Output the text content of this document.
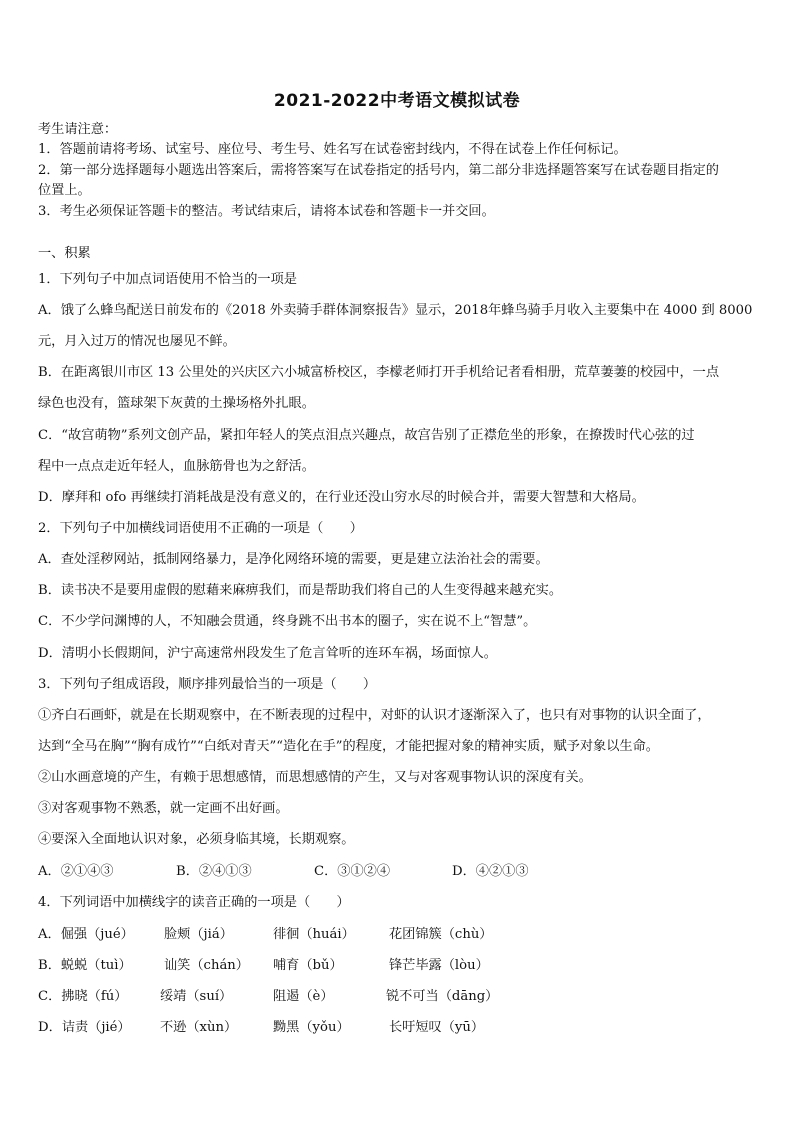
2021-2022中考语文模拟试卷
考生请注意：
1．答题前请将考场、试室号、座位号、考生号、姓名写在试卷密封线内，不得在试卷上作任何标记。
2．第一部分选择题每小题选出答案后，需将答案写在试卷指定的括号内，第二部分非选择题答案写在试卷题目指定的
位置上。
3．考生必须保证答题卡的整洁。考试结束后，请将本试卷和答题卡一并交回。
一、积累
1．下列句子中加点词语使用不恰当的一项是
A．饿了么蜂鸟配送日前发布的《2018 外卖骑手群体洞察报告》显示，2018年蜂鸟骑手月收入主要集中在 4000 到 8000
元，月入过万的情况也屡见不鲜。
B．在距离银川市区 13 公里处的兴庆区六小城富桥校区，李檬老师打开手机给记者看相册，荒草萋萋的校园中，一点
绿色也没有，篮球架下灰黄的土操场格外扎眼。
C．“故宫萌物”系列文创产品，紧扣年轻人的笑点泪点兴趣点，故宫告别了正襟危坐的形象，在撩拨时代心弦的过
程中一点点走近年轻人，血脉筋骨也为之舒活。
D．摩拜和 ofo 再继续打消耗战是没有意义的，在行业还没山穷水尽的时候合并，需要大智慧和大格局。
2．下列句子中加横线词语使用不正确的一项是（　　）
A．查处淫秽网站，抵制网络暴力，是净化网络环境的需要，更是建立法治社会的需要。
B．读书决不是要用虚假的慰藉来麻痹我们，而是帮助我们将自己的人生变得越来越充实。
C．不少学问渊博的人，不知融会贯通，终身跳不出书本的圈子，实在说不上“智慧”。
D．清明小长假期间，沪宁高速常州段发生了危言耸听的连环车祸，场面惊人。
3．下列句子组成语段，顺序排列最恰当的一项是（　　）
①齐白石画虾，就是在长期观察中，在不断表现的过程中，对虾的认识才逐渐深入了，也只有对事物的认识全面了，
达到“全马在胸”“胸有成竹”“白纸对青天”“造化在手”的程度，才能把握对象的精神实质，赋予对象以生命。
②山水画意境的产生，有赖于思想感情，而思想感情的产生，又与对客观事物认识的深度有关。
③对客观事物不熟悉，就一定画不出好画。
④要深入全面地认识对象，必须身临其境，长期观察。
A．②①④③	B．②④①③	C．③①②④	D．④②①③
4．下列词语中加横线字的读音正确的一项是（　　）
A．倔强（jué） 脸颊（jiá）	徘徊（huái）	花团锦簇（chù）
B．蜕蜕（tuì） 讪笑（chán） 哺育（bǔ）	锋芒毕露（lòu）
C．拂晓（fú） 绥靖（suí）	阻遏（è）	锐不可当（dāng）
D．诘责（jié） 不逊（xùn）	黝黑（yǒu）	长吁短叹（yū）
